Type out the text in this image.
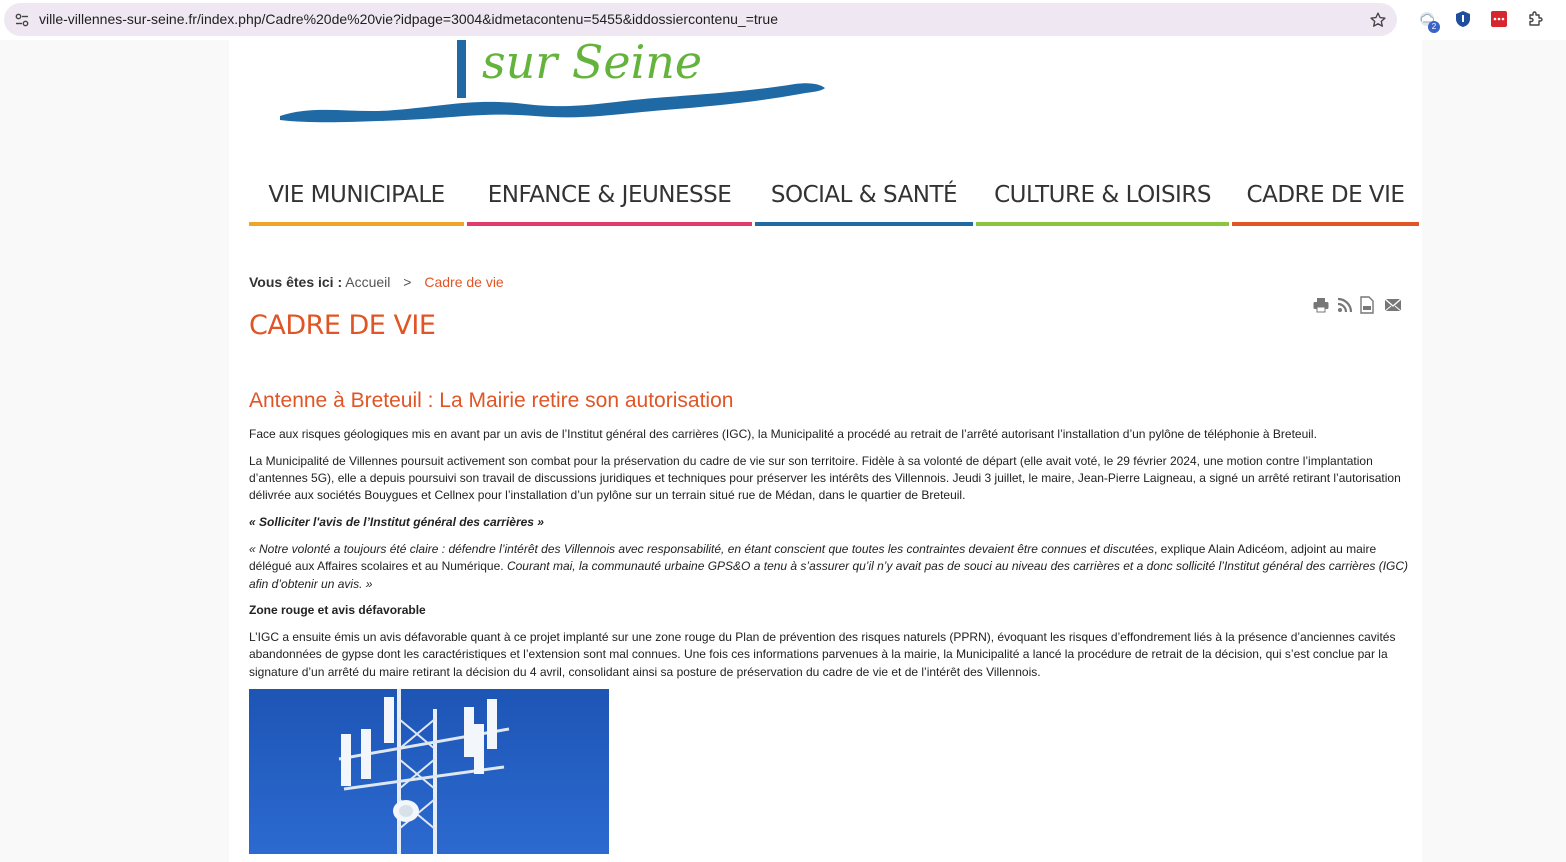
ville-villennes-sur-seine.fr/index.php/Cadre%20de%20vie?idpage=3004&idmetacontenu=5455&iddossiercontenu_=true	2
sur Seine
VIE MUNICIPALE	ENFANCE & JEUNESSE	SOCIAL & SANTÉ	CULTURE & LOISIRS	CADRE DE VIE
Vous êtes ici : Accueil > Cadre de vie
CADRE DE VIE
Antenne à Breteuil : La Mairie retire son autorisation

Face aux risques géologiques mis en avant par un avis de l’Institut général des carrières (IGC), la Municipalité a procédé au retrait de l’arrêté autorisant l’installation d’un pylône de téléphonie à Breteuil.

La Municipalité de Villennes poursuit activement son combat pour la préservation du cadre de vie sur son territoire. Fidèle à sa volonté de départ (elle avait voté, le 29 février 2024, une motion contre l’implantation d’antennes 5G), elle a depuis poursuivi son travail de discussions juridiques et techniques pour préserver les intérêts des Villennois. Jeudi 3 juillet, le maire, Jean-Pierre Laigneau, a signé un arrêté retirant l’autorisation délivrée aux sociétés Bouygues et Cellnex pour l’installation d’un pylône sur un terrain situé rue de Médan, dans le quartier de Breteuil.

« Solliciter l'avis de l’Institut général des carrières »

« Notre volonté a toujours été claire : défendre l’intérêt des Villennois avec responsabilité, en étant conscient que toutes les contraintes devaient être connues et discutées, explique Alain Adicéom, adjoint au maire délégué aux Affaires scolaires et au Numérique. Courant mai, la communauté urbaine GPS&O a tenu à s’assurer qu’il n’y avait pas de souci au niveau des carrières et a donc sollicité l’Institut général des carrières (IGC) afin d’obtenir un avis. »

Zone rouge et avis défavorable

L’IGC a ensuite émis un avis défavorable quant à ce projet implanté sur une zone rouge du Plan de prévention des risques naturels (PPRN), évoquant les risques d’effondrement liés à la présence d’anciennes cavités abandonnées de gypse dont les caractéristiques et l’extension sont mal connues. Une fois ces informations parvenues à la mairie, la Municipalité a lancé la procédure de retrait de la décision, qui s’est conclue par la signature d’un arrêté du maire retirant la décision du 4 avril, consolidant ainsi sa posture de préservation du cadre de vie et de l’intérêt des Villennois.
